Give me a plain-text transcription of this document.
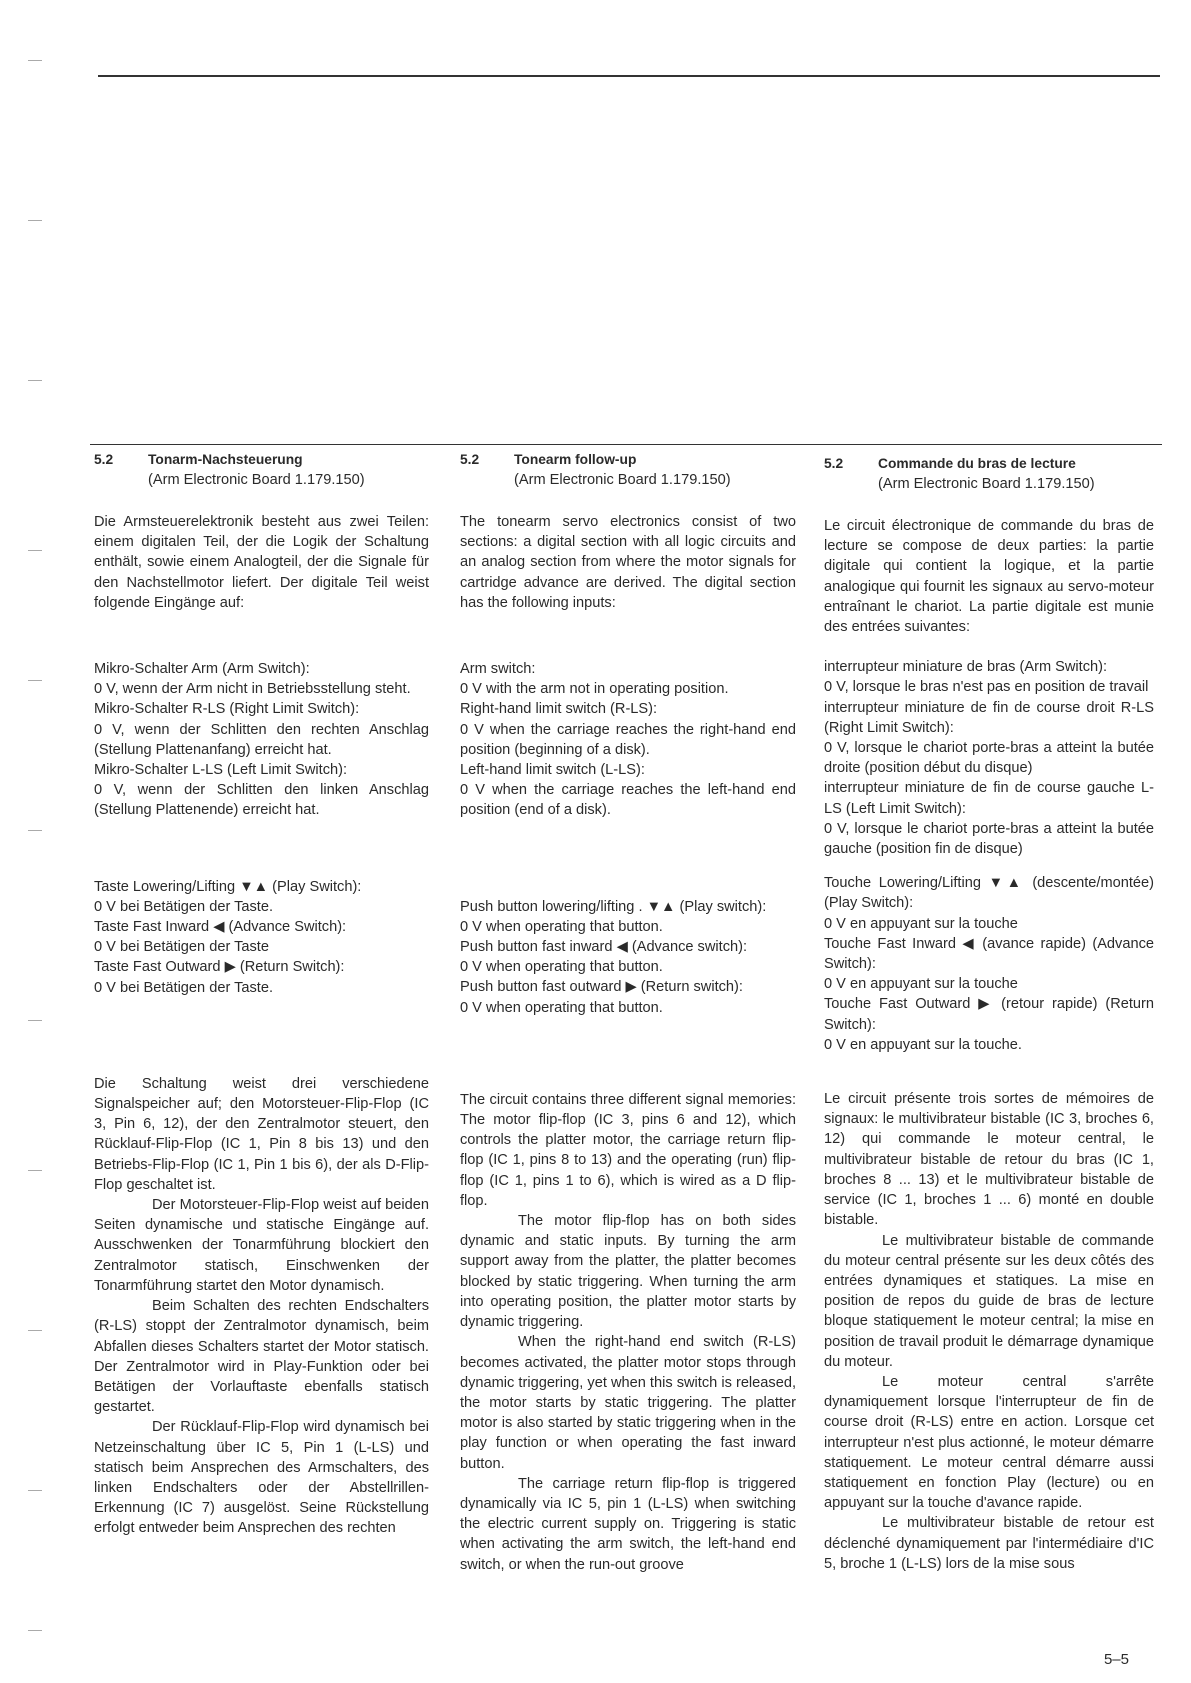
5.2	Tonarm-Nachsteuerung
(Arm Electronic Board 1.179.150)

Die Armsteuerelektronik besteht aus zwei Teilen: einem digitalen Teil, der die Logik der Schaltung enthält, sowie einem Analogteil, der die Signale für den Nachstellmotor liefert. Der digitale Teil weist folgende Eingänge auf:

Mikro-Schalter Arm (Arm Switch):

0 V, wenn der Arm nicht in Betriebsstellung steht.

Mikro-Schalter R-LS (Right Limit Switch):

0 V, wenn der Schlitten den rechten Anschlag (Stellung Plattenanfang) erreicht hat.

Mikro-Schalter L-LS (Left Limit Switch):

0 V, wenn der Schlitten den linken Anschlag (Stellung Plattenende) erreicht hat.

Taste Lowering/Lifting ▼▲ (Play Switch):

0 V bei Betätigen der Taste.

Taste Fast Inward ◀ (Advance Switch):

0 V bei Betätigen der Taste

Taste Fast Outward ▶ (Return Switch):

0 V bei Betätigen der Taste.

Die Schaltung weist drei verschiedene Signalspeicher auf; den Motorsteuer-Flip-Flop (IC 3, Pin 6, 12), der den Zentralmotor steuert, den Rücklauf-Flip-Flop (IC 1, Pin 8 bis 13) und den Betriebs-Flip-Flop (IC 1, Pin 1 bis 6), der als D-Flip-Flop geschaltet ist.

Der Motorsteuer-Flip-Flop weist auf beiden Seiten dynamische und statische Eingänge auf. Ausschwenken der Tonarmführung blockiert den Zentralmotor statisch, Einschwenken der Tonarmführung startet den Motor dynamisch.

Beim Schalten des rechten Endschalters (R-LS) stoppt der Zentralmotor dynamisch, beim Abfallen dieses Schalters startet der Motor statisch. Der Zentralmotor wird in Play-Funktion oder bei Betätigen der Vorlauftaste ebenfalls statisch gestartet.

Der Rücklauf-Flip-Flop wird dynamisch bei Netzeinschaltung über IC 5, Pin 1 (L-LS) und statisch beim Ansprechen des Armschalters, des linken Endschalters oder der Abstellrillen-Erkennung (IC 7) ausgelöst. Seine Rückstellung erfolgt entweder beim Ansprechen des rechten

5.2	Tonearm follow-up
(Arm Electronic Board 1.179.150)

The tonearm servo electronics consist of two sections: a digital section with all logic circuits and an analog section from where the motor signals for cartridge advance are derived. The digital section has the following inputs:

Arm switch:

0 V with the arm not in operating position.

Right-hand limit switch (R-LS):

0 V when the carriage reaches the right-hand end position (beginning of a disk).

Left-hand limit switch (L-LS):

0 V when the carriage reaches the left-hand end position (end of a disk).

Push button lowering/lifting . ▼▲ (Play switch):

0 V when operating that button.

Push button fast inward ◀ (Advance switch):

0 V when operating that button.

Push button fast outward ▶ (Return switch):

0 V when operating that button.

The circuit contains three different signal memories: The motor flip-flop (IC 3, pins 6 and 12), which controls the platter motor, the carriage return flip-flop (IC 1, pins 8 to 13) and the operating (run) flip-flop (IC 1, pins 1 to 6), which is wired as a D flip-flop.

The motor flip-flop has on both sides dynamic and static inputs. By turning the arm support away from the platter, the platter becomes blocked by static triggering. When turning the arm into operating position, the platter motor starts by dynamic triggering.

When the right-hand end switch (R-LS) becomes activated, the platter motor stops through dynamic triggering, yet when this switch is released, the motor starts by static triggering. The platter motor is also started by static triggering when in the play function or when operating the fast inward button.

The carriage return flip-flop is triggered dynamically via IC 5, pin 1 (L-LS) when switching the electric current supply on. Triggering is static when activating the arm switch, the left-hand end switch, or when the run-out groove

5.2	Commande du bras de lecture
(Arm Electronic Board 1.179.150)

Le circuit électronique de commande du bras de lecture se compose de deux parties: la partie digitale qui contient la logique, et la partie analogique qui fournit les signaux au servo-moteur entraînant le chariot. La partie digitale est munie des entrées suivantes:

interrupteur miniature de bras (Arm Switch):

0 V, lorsque le bras n'est pas en position de travail

interrupteur miniature de fin de course droit R-LS (Right Limit Switch):

0 V, lorsque le chariot porte-bras a atteint la butée droite (position début du disque)

interrupteur miniature de fin de course gauche L-LS (Left Limit Switch):

0 V, lorsque le chariot porte-bras a atteint la butée gauche (position fin de disque)

Touche Lowering/Lifting ▼▲ (descente/montée) (Play Switch):

0 V en appuyant sur la touche

Touche Fast Inward ◀ (avance rapide) (Advance Switch):

0 V en appuyant sur la touche

Touche Fast Outward ▶ (retour rapide) (Return Switch):

0 V en appuyant sur la touche.

Le circuit présente trois sortes de mémoires de signaux: le multivibrateur bistable (IC 3, broches 6, 12) qui commande le moteur central, le multivibrateur bistable de retour du bras (IC 1, broches 8 ... 13) et le multivibrateur bistable de service (IC 1, broches 1 ... 6) monté en double bistable.

Le multivibrateur bistable de commande du moteur central présente sur les deux côtés des entrées dynamiques et statiques. La mise en position de repos du guide de bras de lecture bloque statiquement le moteur central; la mise en position de travail produit le démarrage dynamique du moteur.

Le moteur central s'arrête dynamiquement lorsque l'interrupteur de fin de course droit (R-LS) entre en action. Lorsque cet interrupteur n'est plus actionné, le moteur démarre statiquement. Le moteur central démarre aussi statiquement en fonction Play (lecture) ou en appuyant sur la touche d'avance rapide.

Le multivibrateur bistable de retour est déclenché dynamiquement par l'intermédiaire d'IC 5, broche 1 (L-LS) lors de la mise sous

5–5
